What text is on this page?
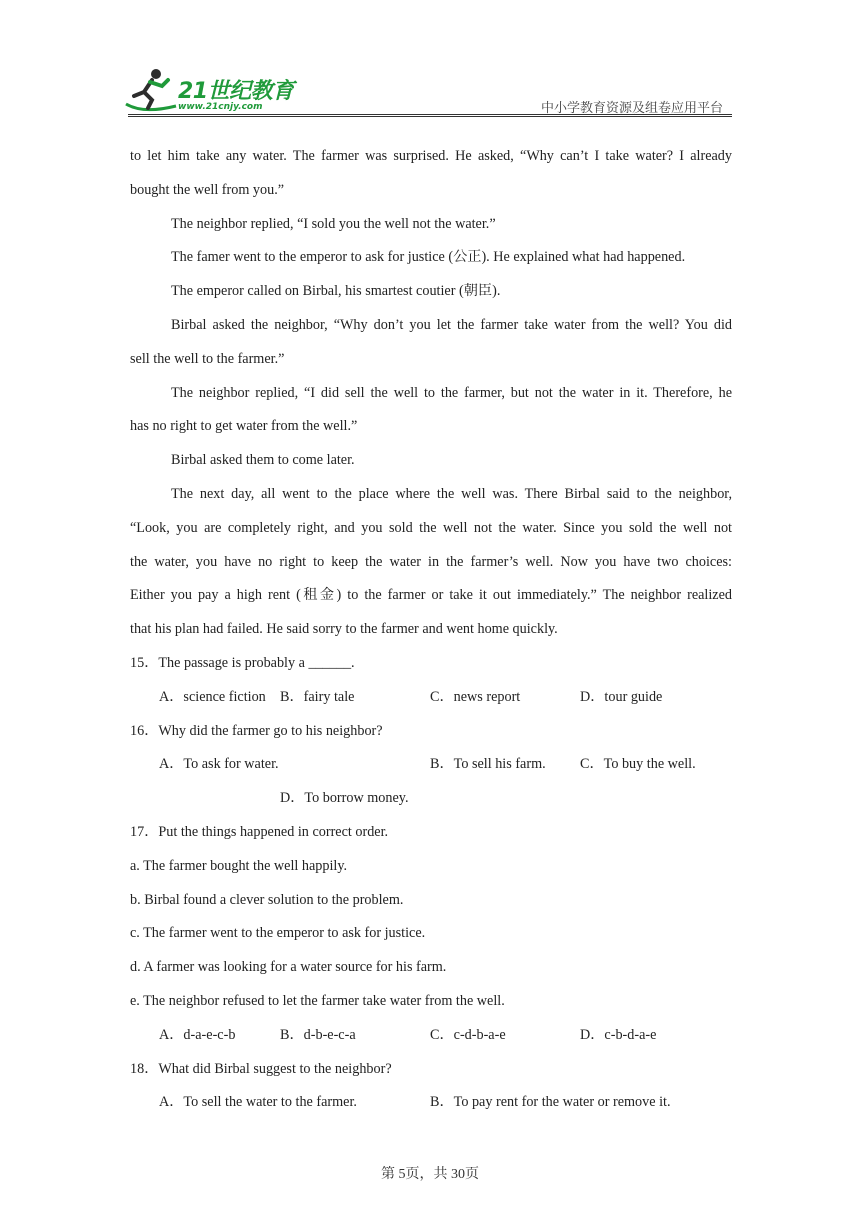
21世纪教育
www.21cnjy.com	中小学教育资源及组卷应用平台
to let him take any water. The farmer was surprised. He asked, “Why can’t I take water? I already
bought the well from you.”
The neighbor replied, “I sold you the well not the water.”
The famer went to the emperor to ask for justice (公正). He explained what had happened.
The emperor called on Birbal, his smartest coutier (朝臣).
Birbal asked the neighbor, “Why don’t you let the farmer take water from the well? You did
sell the well to the farmer.”
The neighbor replied, “I did sell the well to the farmer, but not the water in it. Therefore, he
has no right to get water from the well.”
Birbal asked them to come later.
The next day, all went to the place where the well was. There Birbal said to the neighbor,
“Look, you are completely right, and you sold the well not the water. Since you sold the well not
the water, you have no right to keep the water in the farmer’s well. Now you have two choices:
Either you pay a high rent (租金) to the farmer or take it out immediately.” The neighbor realized
that his plan had failed. He said sorry to the farmer and went home quickly.
15．The passage is probably a ______.
A．science fiction B．fairy tale	C．news report	D．tour guide
16．Why did the farmer go to his neighbor?
A．To ask for water.	B．To sell his farm. C．To buy the well.
D．To borrow money.
17．Put the things happened in correct order.
a. The farmer bought the well happily.
b. Birbal found a clever solution to the problem.
c. The farmer went to the emperor to ask for justice.
d. A farmer was looking for a water source for his farm.
e. The neighbor refused to let the farmer take water from the well.
A．d-a-e-c-b	B．d-b-e-c-a	C．c-d-b-a-e	D．c-b-d-a-e
18．What did Birbal suggest to the neighbor?
A．To sell the water to the farmer.	B．To pay rent for the water or remove it.
第 5页，共 30页
